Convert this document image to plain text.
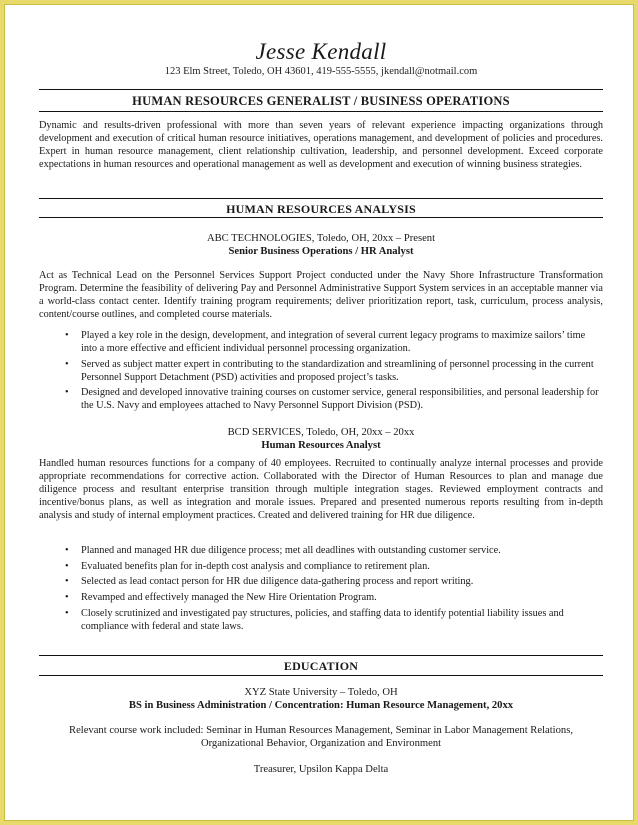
Jesse Kendall
123 Elm Street, Toledo, OH 43601, 419-555-5555, jkendall@notmail.com
HUMAN RESOURCES GENERALIST / BUSINESS OPERATIONS
Dynamic and results-driven professional with more than seven years of relevant experience impacting organizations through development and execution of critical human resource initiatives, operations management, and development of policies and procedures. Expert in human resource management, client relationship cultivation, leadership, and personnel development. Exceed corporate expectations in human resources and operational management as well as development and execution of winning business strategies.
HUMAN RESOURCES ANALYSIS
ABC TECHNOLOGIES, Toledo, OH, 20xx – Present
Senior Business Operations / HR Analyst
Act as Technical Lead on the Personnel Services Support Project conducted under the Navy Shore Infrastructure Transformation Program. Determine the feasibility of delivering Pay and Personnel Administrative Support System services in an acceptable manner via a world-class contact center. Identify training program requirements; deliver prioritization report, task, curriculum, process analysis, content/course outlines, and completed course materials.
• Played a key role in the design, development, and integration of several current legacy programs to maximize sailors’ time into a more effective and efficient individual personnel processing organization.
• Served as subject matter expert in contributing to the standardization and streamlining of personnel processing in the current Personnel Support Detachment (PSD) activities and proposed project’s tasks.
• Designed and developed innovative training courses on customer service, general responsibilities, and personal leadership for the U.S. Navy and employees attached to Navy Personnel Support Division (PSD).
BCD SERVICES, Toledo, OH, 20xx – 20xx
Human Resources Analyst
Handled human resources functions for a company of 40 employees. Recruited to continually analyze internal processes and provide appropriate recommendations for corrective action. Collaborated with the Director of Human Resources to plan and manage due diligence process and resultant enterprise transition through multiple integration stages. Reviewed employment contracts and incentive/bonus plans, as well as integration and morale issues. Prepared and presented numerous reports resulting from in-depth analysis and study of internal employment practices. Created and delivered training for HR due diligence.
• Planned and managed HR due diligence process; met all deadlines with outstanding customer service.
• Evaluated benefits plan for in-depth cost analysis and compliance to retirement plan.
• Selected as lead contact person for HR due diligence data-gathering process and report writing.
• Revamped and effectively managed the New Hire Orientation Program.
• Closely scrutinized and investigated pay structures, policies, and staffing data to identify potential liability issues and compliance with federal and state laws.
EDUCATION
XYZ State University – Toledo, OH
BS in Business Administration / Concentration: Human Resource Management, 20xx
Relevant course work included: Seminar in Human Resources Management, Seminar in Labor Management Relations, Organizational Behavior, Organization and Environment
Treasurer, Upsilon Kappa Delta
